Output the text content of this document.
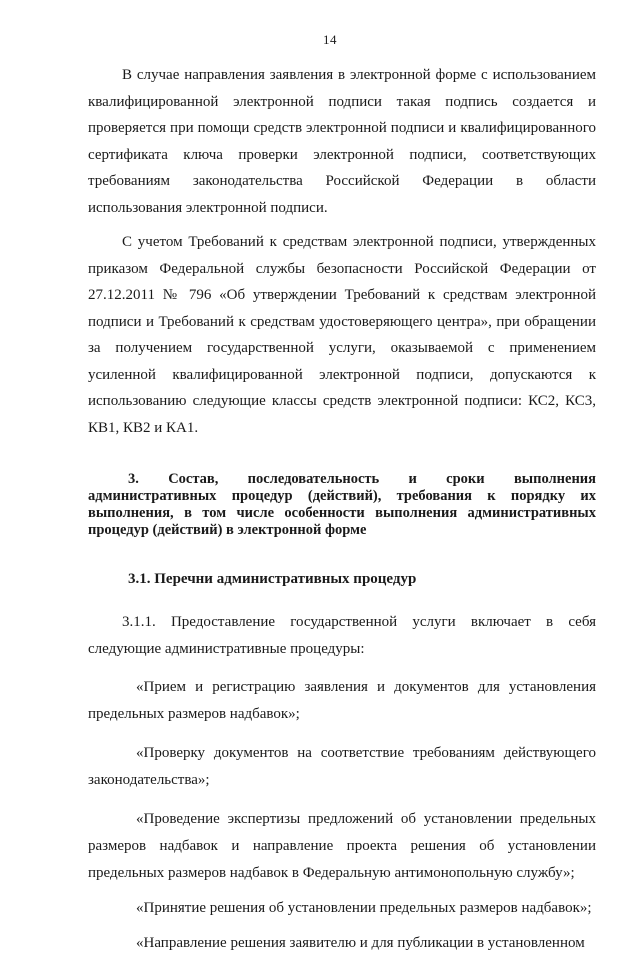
14

В случае направления заявления в электронной форме с использованием квалифицированной электронной подписи такая подпись создается и проверяется при помощи средств электронной подписи и квалифицированного сертификата ключа проверки электронной подписи, соответствующих требованиям законодательства Российской Федерации в области использования электронной подписи.

С учетом Требований к средствам электронной подписи, утвержденных приказом Федеральной службы безопасности Российской Федерации от 27.12.2011 № 796 «Об утверждении Требований к средствам электронной подписи и Требований к средствам удостоверяющего центра», при обращении за получением государственной услуги, оказываемой с применением усиленной квалифицированной электронной подписи, допускаются к использованию следующие классы средств электронной подписи: КС2, КС3, КВ1, КВ2 и КА1.

3. Состав, последовательность и сроки выполнения административных процедур (действий), требования к порядку их выполнения, в том числе особенности выполнения административных процедур (действий) в электронной форме

3.1. Перечни административных процедур

3.1.1. Предоставление государственной услуги включает в себя следующие административные процедуры:

«Прием и регистрацию заявления и документов для установления предельных размеров надбавок»;

«Проверку документов на соответствие требованиям действующего законодательства»;

«Проведение экспертизы предложений об установлении предельных размеров надбавок и направление проекта решения об установлении предельных размеров надбавок в Федеральную антимонопольную службу»;

«Принятие решения об установлении предельных размеров надбавок»;

«Направление решения заявителю и для публикации в установленном
